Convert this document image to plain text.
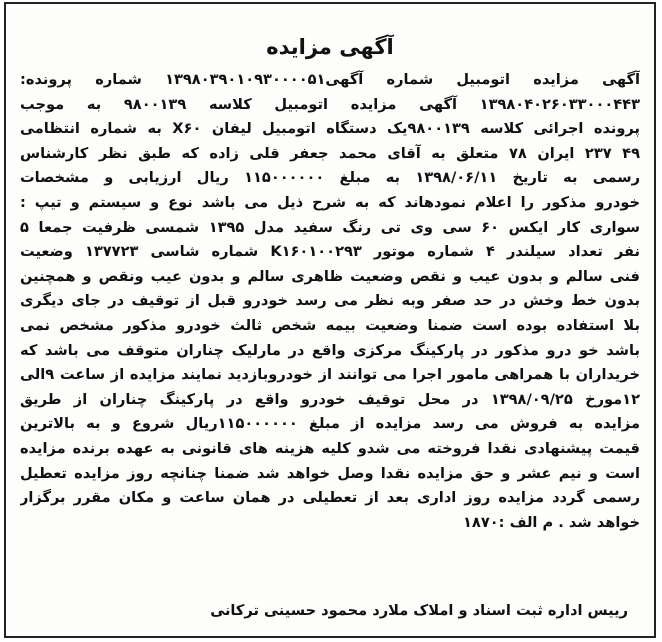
آگهی مزایده
آگهی مزایده اتومبیل شماره آگهی۱۳۹۸۰۳۹۰۱۰۹۳۰۰۰۰۵۱ شماره پرونده:
۱۳۹۸۰۴۰۲۶۰۳۳۰۰۰۴۴۳ آگهی مزایده اتومبیل کلاسه ۹۸۰۰۱۳۹ به موجب
پرونده اجرائی کلاسه ۹۸۰۰۱۳۹یک دستگاه اتومبیل لیفان X۶۰ به شماره انتظامی
۴۹ ۲۳۷ ایران ۷۸ متعلق به آقای محمد جعفر قلی زاده که طبق نظر کارشناس
رسمی به تاریخ ۱۳۹۸/۰۶/۱۱ به مبلغ ۱۱۵۰۰۰۰۰۰ ریال ارزیابی و مشخصات
خودرو مذکور را اعلام نمودهاند که به شرح ذیل می باشد نوع و سیستم و تیپ :
سواری کار ایکس ۶۰ سی وی تی رنگ سفید مدل ۱۳۹۵ شمسی ظرفیت جمعا ۵
نفر تعداد سیلندر ۴ شماره موتور K۱۶۰۱۰۰۲۹۳ شماره شاسی ۱۳۷۷۲۳ وضعیت
فنی سالم و بدون عیب و نقص وضعیت ظاهری سالم و بدون عیب ونقص و همچنین
بدون خط وخش در حد صفر وبه نظر می رسد خودرو قبل از توقیف در جای دیگری
بلا استفاده بوده است ضمنا وضعیت بیمه شخص ثالث خودرو مذکور مشخص نمی
باشد خو درو مذکور در پارکینگ مرکزی واقع در مارلیک چناران متوقف می باشد که
خریداران با همراهی مامور اجرا می توانند از خودروبازدید نمایند مزایده از ساعت ۹الی
۱۲مورخ ۱۳۹۸/۰۹/۲۵ در محل توقیف خودرو واقع در پارکینگ چناران از طریق
مزایده به فروش می رسد مزایده از مبلغ ۱۱۵۰۰۰۰۰۰ریال شروع و به بالاترین
قیمت پیشنهادی نقدا فروخته می شدو کلیه هزینه های قانونی به عهده برنده مزایده
است و نیم عشر و حق مزایده نقدا وصل خواهد شد ضمنا چنانچه روز مزایده تعطیل
رسمی گردد مزایده روز اداری بعد از تعطیلی در همان ساعت و مکان مقرر برگزار
خواهد شد . م الف :۱۸۷۰
رییس اداره ثبت اسناد و املاک ملارد محمود حسینی ترکانی
